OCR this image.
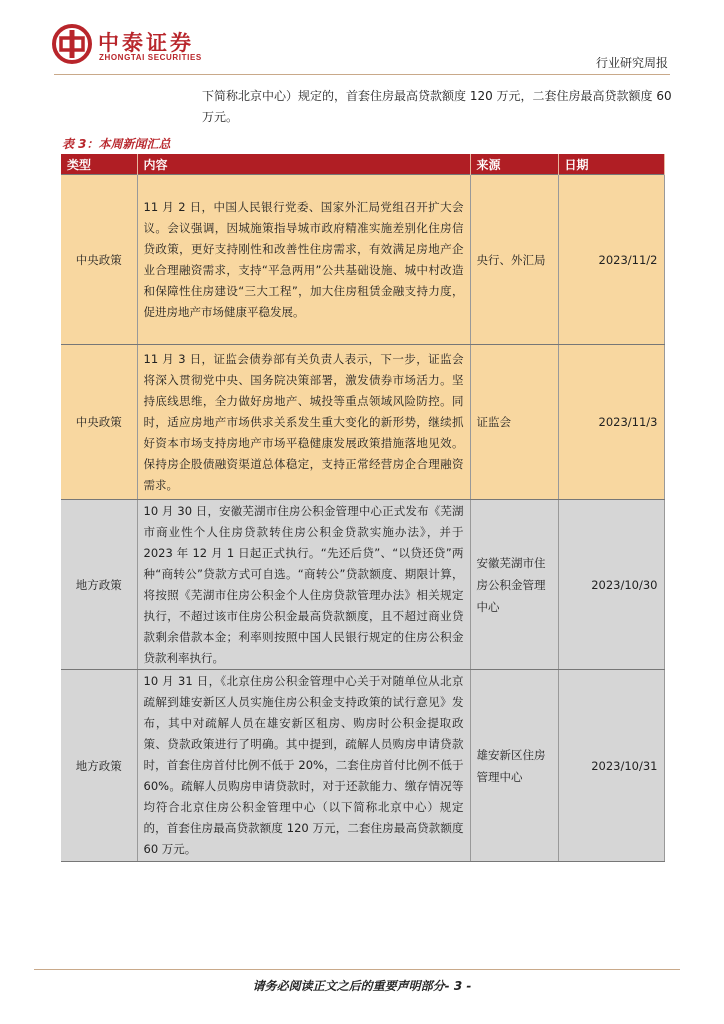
中泰证券
ZHONGTAI SECURITIES	行业研究周报
下简称北京中心）规定的，首套住房最高贷款额度 120 万元，二套住房最高贷款额度 60 万元。
表 3：本周新闻汇总
类型	内容	来源	日期
中央政策	11 月 2 日，中国人民银行党委、国家外汇局党组召开扩大会议。会议强调，因城施策指导城市政府精准实施差别化住房信贷政策，更好支持刚性和改善性住房需求，有效满足房地产企业合理融资需求，支持“平急两用”公共基础设施、城中村改造和保障性住房建设“三大工程”，加大住房租赁金融支持力度，促进房地产市场健康平稳发展。	央行、外汇局	2023/11/2
中央政策	11 月 3 日，证监会债券部有关负责人表示，下一步，证监会将深入贯彻党中央、国务院决策部署，激发债券市场活力。坚持底线思维，全力做好房地产、城投等重点领域风险防控。同时，适应房地产市场供求关系发生重大变化的新形势，继续抓好资本市场支持房地产市场平稳健康发展政策措施落地见效。保持房企股债融资渠道总体稳定，支持正常经营房企合理融资需求。	证监会	2023/11/3
地方政策	10 月 30 日，安徽芜湖市住房公积金管理中心正式发布《芜湖市商业性个人住房贷款转住房公积金贷款实施办法》，并于 2023 年 12 月 1 日起正式执行。“先还后贷”、“以贷还贷”两种“商转公”贷款方式可自选。“商转公”贷款额度、期限计算，将按照《芜湖市住房公积金个人住房贷款管理办法》相关规定执行，不超过该市住房公积金最高贷款额度，且不超过商业贷款剩余借款本金；利率则按照中国人民银行规定的住房公积金贷款利率执行。	安徽芜湖市住房公积金管理中心	2023/10/30
地方政策	10 月 31 日，《北京住房公积金管理中心关于对随单位从北京疏解到雄安新区人员实施住房公积金支持政策的试行意见》发布，其中对疏解人员在雄安新区租房、购房时公积金提取政策、贷款政策进行了明确。其中提到，疏解人员购房申请贷款时，首套住房首付比例不低于 20%，二套住房首付比例不低于 60%。疏解人员购房申请贷款时，对于还款能力、缴存情况等均符合北京住房公积金管理中心（以下简称北京中心）规定的，首套住房最高贷款额度 120 万元，二套住房最高贷款额度 60 万元。	雄安新区住房管理中心	2023/10/31
请务必阅读正文之后的重要声明部分- 3 -
